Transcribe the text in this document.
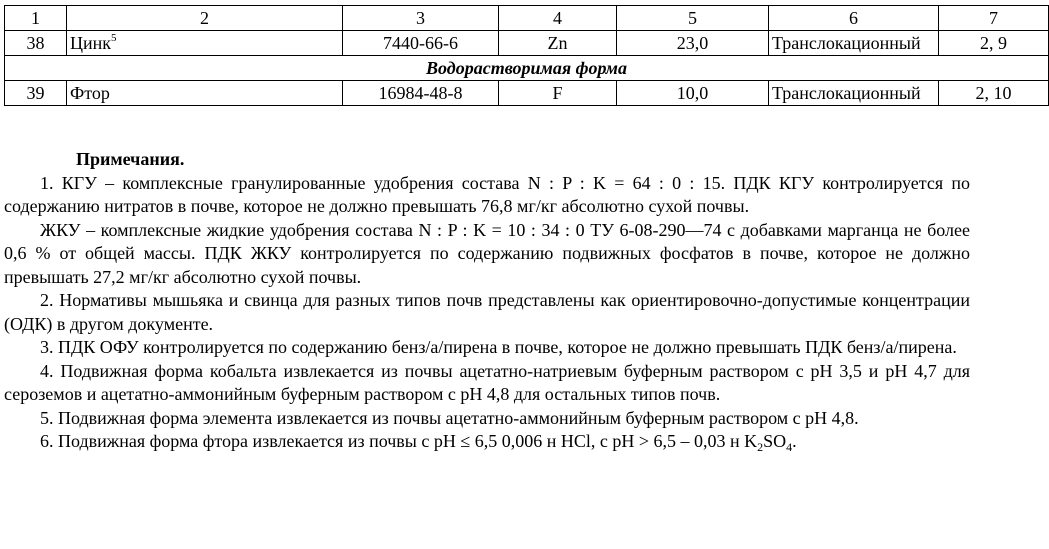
1	2	3	4	5	6	7
38	Цинк$^5$	7440-66-6	Zn	23,0	Транслокационный	2, 9
Водорастворимая форма						
39	Фтор	16984-48-8	F	10,0	Транслокационный	2, 10

Примечания.

1. КГУ – комплексные гранулированные удобрения состава N : P : K = 64 : 0 : 15. ПДК КГУ контролируется по содержанию нитратов в почве, которое не должно превышать 76,8 мг/кг абсолютно сухой почвы.

ЖКУ – комплексные жидкие удобрения состава N : P : K = 10 : 34 : 0 ТУ 6-08-290—74 с добавками марганца не более 0,6 % от общей массы. ПДК ЖКУ контролируется по содержанию подвижных фосфатов в почве, которое не должно превышать 27,2 мг/кг абсолютно сухой почвы.

2. Нормативы мышьяка и свинца для разных типов почв представлены как ориентировочно-допустимые концентрации (ОДК) в другом документе.

3. ПДК ОФУ контролируется по содержанию бенз/а/пирена в почве, которое не должно превышать ПДК бенз/а/пирена.

4. Подвижная форма кобальта извлекается из почвы ацетатно-натриевым буферным раствором с pH 3,5 и pH 4,7 для сероземов и ацетатно-аммонийным буферным раствором с pH 4,8 для остальных типов почв.

5. Подвижная форма элемента извлекается из почвы ацетатно-аммонийным буферным раствором с pH 4,8.

6. Подвижная форма фтора извлекается из почвы с pH ≤ 6,5 0,006 н HCl, с pH > 6,5 – 0,03 н $K_2SO_4$.
